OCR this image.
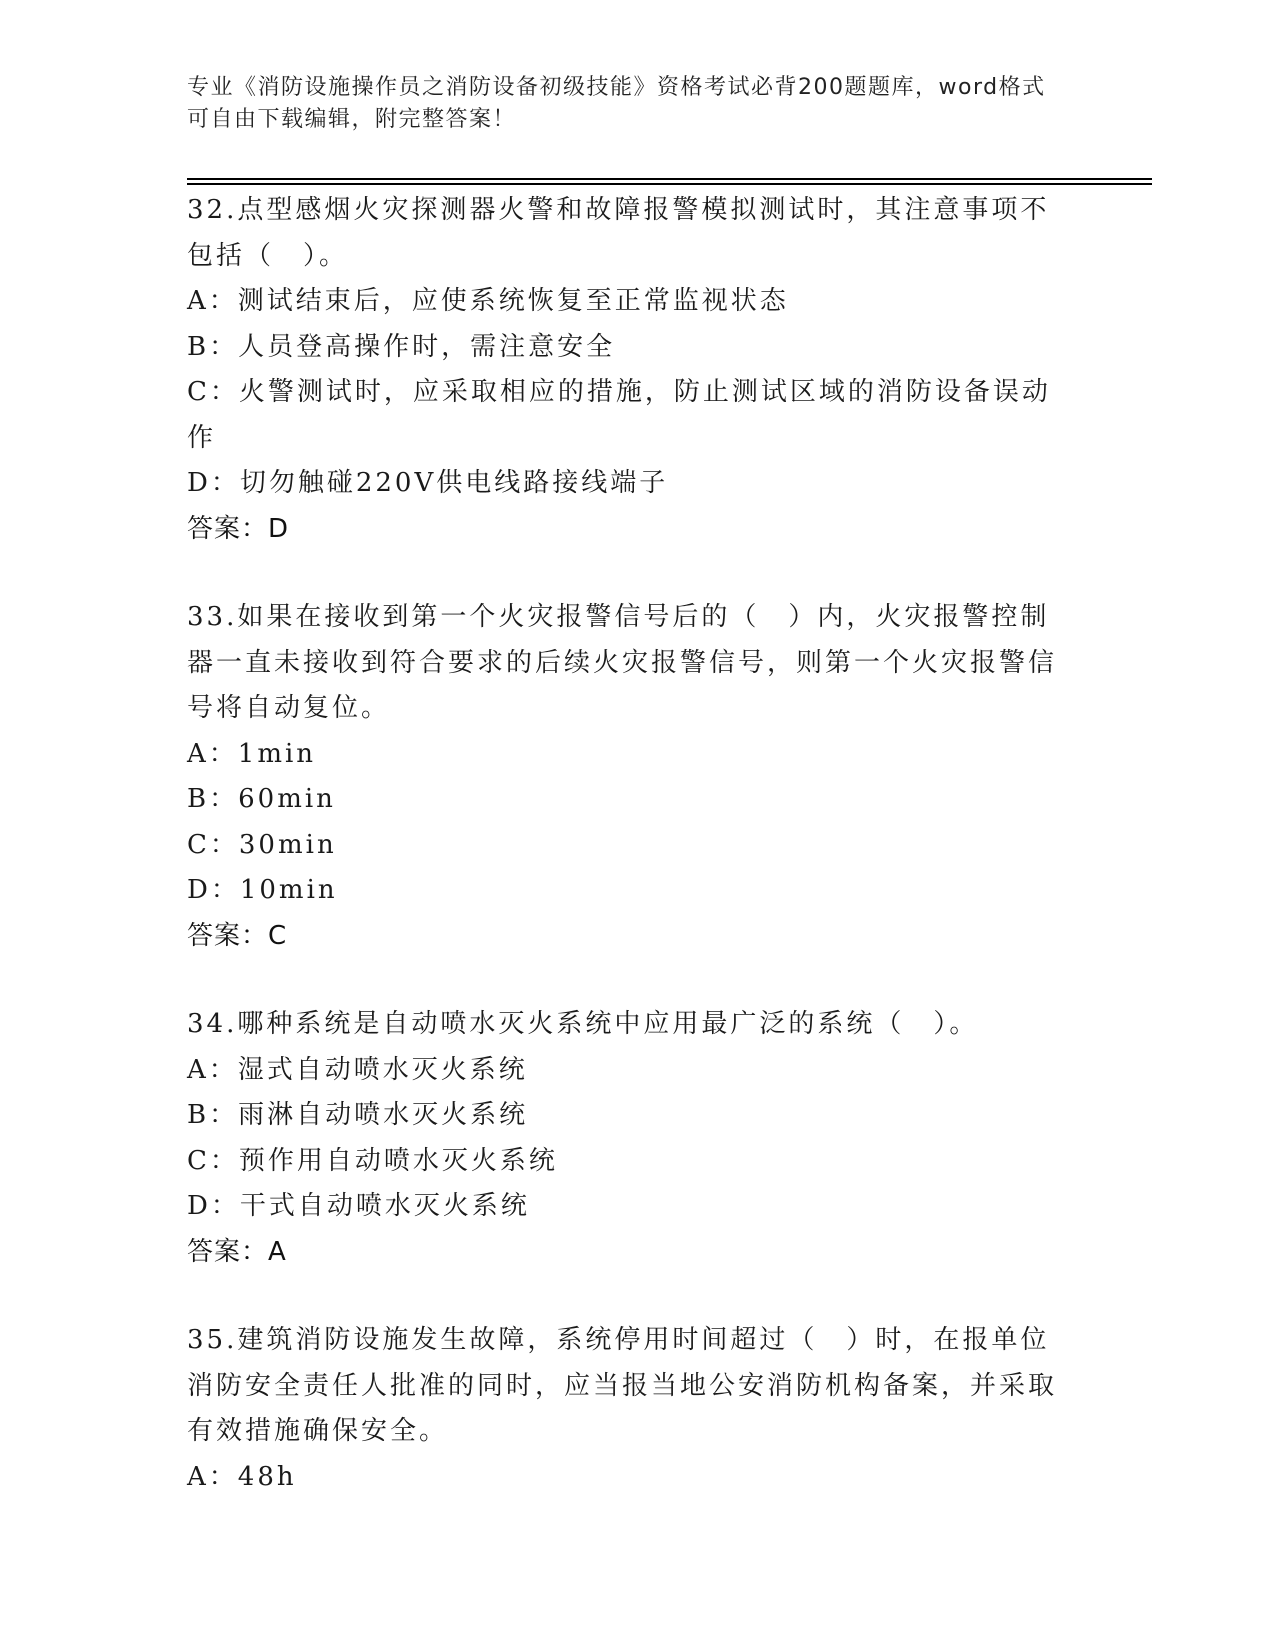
专业《消防设施操作员之消防设备初级技能》资格考试必背200题题库，word格式可自由下载编辑，附完整答案！

32.点型感烟火灾探测器火警和故障报警模拟测试时，其注意事项不包括（　）。

A：测试结束后，应使系统恢复至正常监视状态

B：人员登高操作时，需注意安全

C：火警测试时，应采取相应的措施，防止测试区域的消防设备误动作

D：切勿触碰220V供电线路接线端子

答案：D

33.如果在接收到第一个火灾报警信号后的（　）内，火灾报警控制器一直未接收到符合要求的后续火灾报警信号，则第一个火灾报警信号将自动复位。

A：1min

B：60min

C：30min

D：10min

答案：C

34.哪种系统是自动喷水灭火系统中应用最广泛的系统（　）。

A：湿式自动喷水灭火系统

B：雨淋自动喷水灭火系统

C：预作用自动喷水灭火系统

D：干式自动喷水灭火系统

答案：A

35.建筑消防设施发生故障，系统停用时间超过（　）时，在报单位消防安全责任人批准的同时，应当报当地公安消防机构备案，并采取有效措施确保安全。

A：48h
